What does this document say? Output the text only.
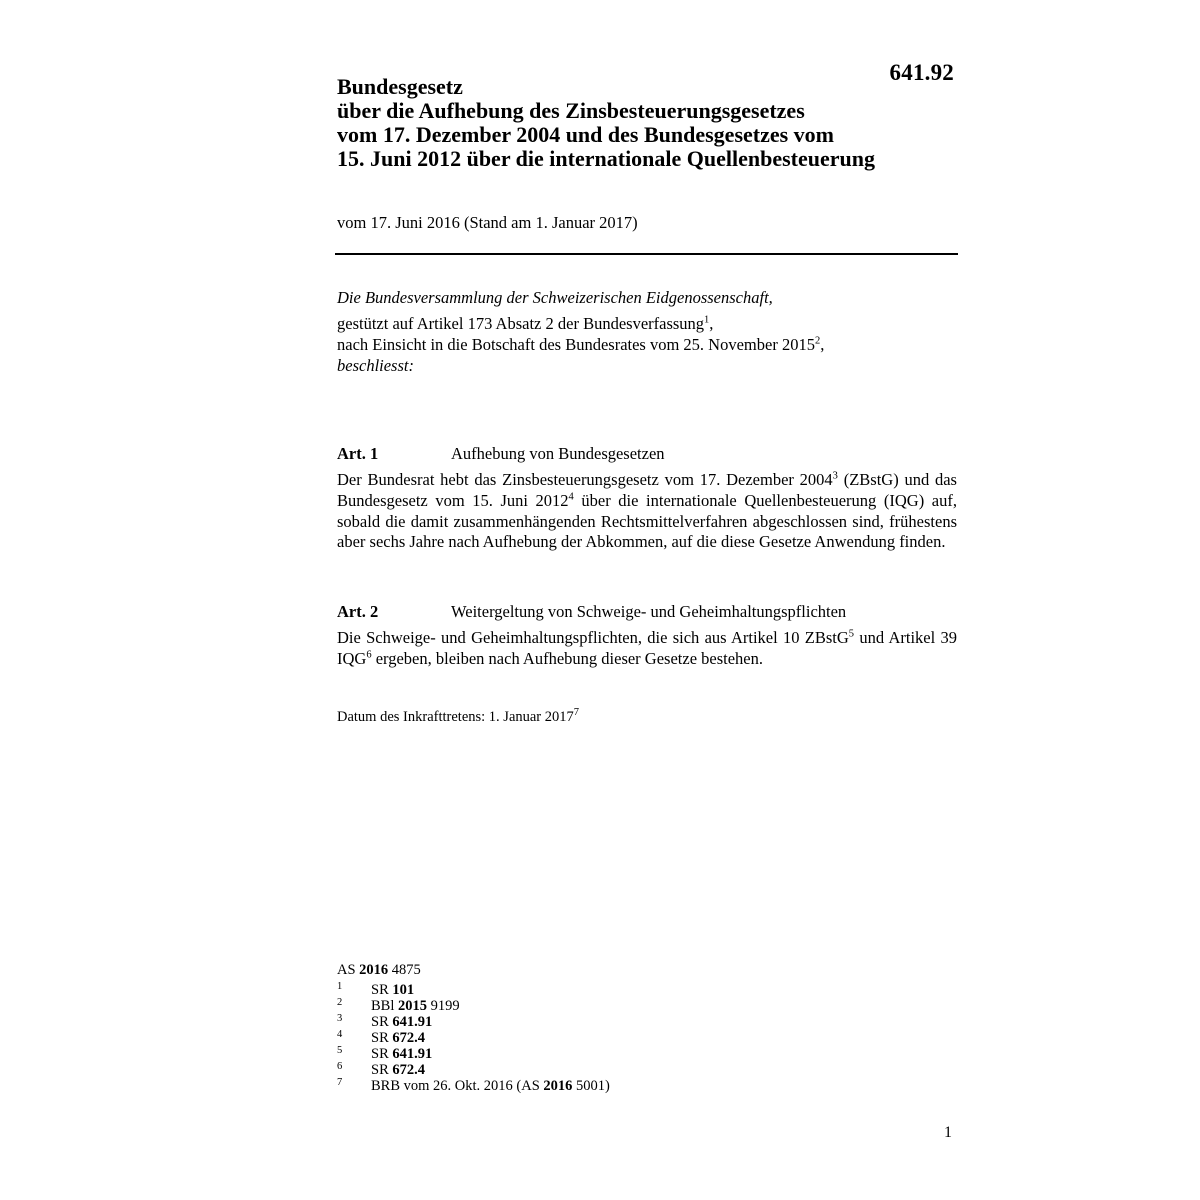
641.92
Bundesgesetz
über die Aufhebung des Zinsbesteuerungsgesetzes
vom 17. Dezember 2004 und des Bundesgesetzes vom
15. Juni 2012 über die internationale Quellenbesteuerung
vom 17. Juni 2016 (Stand am 1. Januar 2017)
Die Bundesversammlung der Schweizerischen Eidgenossenschaft,
gestützt auf Artikel 173 Absatz 2 der Bundesverfassung$^1$,
nach Einsicht in die Botschaft des Bundesrates vom 25. November 2015$^2$,
beschliesst:
Art. 1	Aufhebung von Bundesgesetzen
Der Bundesrat hebt das Zinsbesteuerungsgesetz vom 17. Dezember 2004$^3$ (ZBstG) und das Bundesgesetz vom 15. Juni 2012$^4$ über die internationale Quellenbesteuerung (IQG) auf, sobald die damit zusammenhängenden Rechtsmittelverfahren abgeschlossen sind, frühestens aber sechs Jahre nach Aufhebung der Abkommen, auf die diese Gesetze Anwendung finden.
Art. 2	Weitergeltung von Schweige- und Geheimhaltungspflichten
Die Schweige- und Geheimhaltungspflichten, die sich aus Artikel 10 ZBstG$^5$ und Artikel 39 IQG$^6$ ergeben, bleiben nach Aufhebung dieser Gesetze bestehen.
Datum des Inkrafttretens: 1. Januar 2017$^7$
AS 2016 4875
1	SR 101
2	BBl 2015 9199
3	SR 641.91
4	SR 672.4
5	SR 641.91
6	SR 672.4
7	BRB vom 26. Okt. 2016 (AS 2016 5001)
1
